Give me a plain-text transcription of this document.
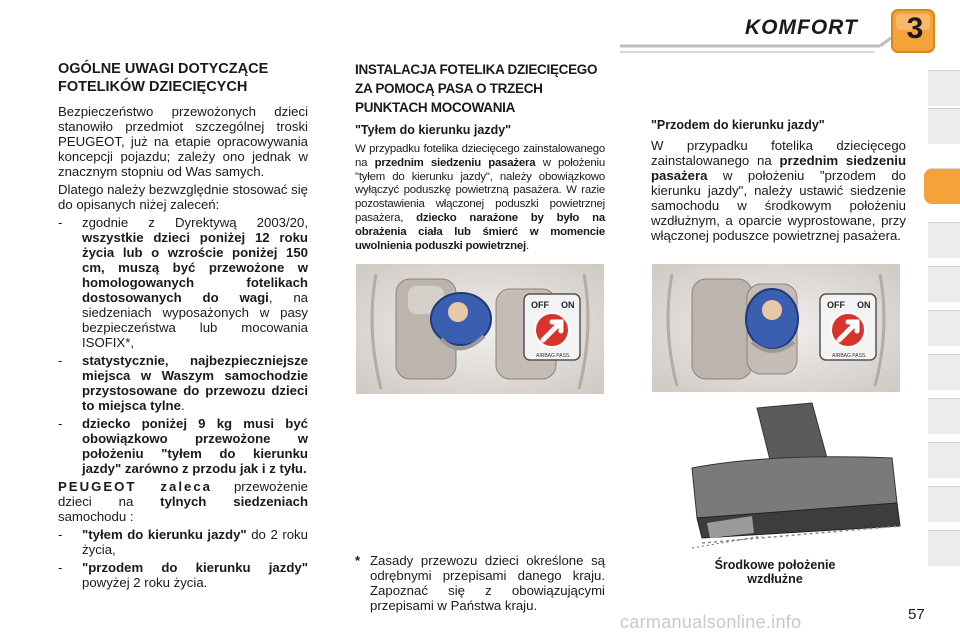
KOMFORT 3
OGÓLNE UWAGI DOTYCZĄCE FOTELIKÓW DZIECIĘCYCH

Bezpieczeństwo przewożonych dzieci stanowiło przedmiot szczególnej troski PEUGEOT, już na etapie opracowywania koncepcji pojazdu; zależy ono jednak w znacznym stopniu od Was samych.

Dlatego należy bezwzględnie stosować się do opisanych niżej zaleceń:

- zgodnie z Dyrektywą 2003/20, wszystkie dzieci poniżej 12 roku życia lub o wzroście poniżej 150 cm, muszą być przewożone w homologowanych fotelikach dostosowanych do wagi, na siedzeniach wyposażonych w pasy bezpieczeństwa lub mocowania ISOFIX*,
- statystycznie, najbezpieczniejsze miejsca w Waszym samochodzie przystosowane do przewozu dzieci to miejsca tylne.
- dziecko poniżej 9 kg musi być obowiązkowo przewożone w położeniu "tyłem do kierunku jazdy" zarówno z przodu jak i z tyłu.

PEUGEOT zaleca przewożenie dzieci na tylnych siedzeniach samochodu :

- "tyłem do kierunku jazdy" do 2 roku życia,
- "przodem do kierunku jazdy" powyżej 2 roku życia.
INSTALACJA FOTELIKA DZIECIĘCEGO ZA POMOCĄ PASA O TRZECH PUNKTACH MOCOWANIA
"Tyłem do kierunku jazdy"

W przypadku fotelika dziecięcego zainstalowanego na przednim siedzeniu pasażera w położeniu "tyłem do kierunku jazdy", należy obowiązkowo wyłączyć poduszkę powietrzną pasażera. W razie pozostawienia włączonej poduszki powietrznej pasażera, dziecko narażone by było na obrażenia ciała lub śmierć w momencie uwolnienia poduszki powietrznej.

OFF ON
AIRBAG PASS.
"Przodem do kierunku jazdy"

W przypadku fotelika dziecięcego zainstalowanego na przednim siedzeniu pasażera w położeniu "przodem do kierunku jazdy", należy ustawić siedzenie samochodu w środkowym położeniu wzdłużnym, a oparcie wyprostowane, przy włączonej poduszce powietrznej pasażera.

OFF ON
AIRBAG PASS.
Środkowe położenie wzdłużne
* Zasady przewozu dzieci określone są odrębnymi przepisami danego kraju. Zapoznać się z obowiązującymi przepisami w Państwa kraju.
carmanualsonline.info	57
